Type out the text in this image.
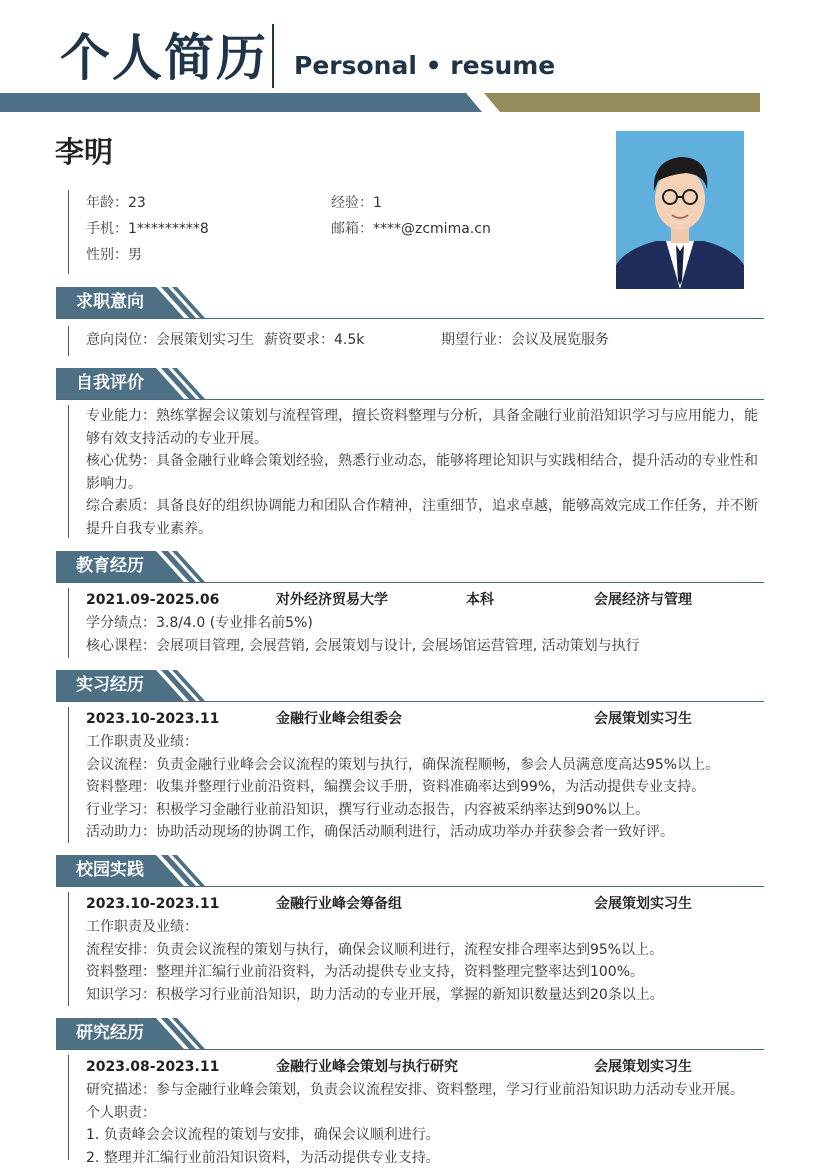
个人简历 Personal • resume
李明
年龄：23	经验：1
手机：1*********8	邮箱：****@zcmima.cn
性别：男
求职意向
意向岗位：会展策划实习生 薪资要求：4.5k	期望行业：会议及展览服务
自我评价
专业能力：熟练掌握会议策划与流程管理，擅长资料整理与分析，具备金融行业前沿知识学习与应用能力，能
够有效支持活动的专业开展。
核心优势：具备金融行业峰会策划经验，熟悉行业动态，能够将理论知识与实践相结合，提升活动的专业性和
影响力。
综合素质：具备良好的组织协调能力和团队合作精神，注重细节，追求卓越，能够高效完成工作任务，并不断
提升自我专业素养。
教育经历
2021.09-2025.06	对外经济贸易大学	本科	会展经济与管理
学分绩点：3.8/4.0 (专业排名前5%)
核心课程：会展项目管理, 会展营销, 会展策划与设计, 会展场馆运营管理, 活动策划与执行
实习经历
2023.10-2023.11	金融行业峰会组委会	会展策划实习生
工作职责及业绩：
会议流程：负责金融行业峰会会议流程的策划与执行，确保流程顺畅，参会人员满意度高达95%以上。
资料整理：收集并整理行业前沿资料，编撰会议手册，资料准确率达到99%，为活动提供专业支持。
行业学习：积极学习金融行业前沿知识，撰写行业动态报告，内容被采纳率达到90%以上。
活动助力：协助活动现场的协调工作，确保活动顺利进行，活动成功举办并获参会者一致好评。
校园实践
2023.10-2023.11	金融行业峰会筹备组	会展策划实习生
工作职责及业绩：
流程安排：负责会议流程的策划与执行，确保会议顺利进行，流程安排合理率达到95%以上。
资料整理：整理并汇编行业前沿资料，为活动提供专业支持，资料整理完整率达到100%。
知识学习：积极学习行业前沿知识，助力活动的专业开展，掌握的新知识数量达到20条以上。
研究经历
2023.08-2023.11	金融行业峰会策划与执行研究	会展策划实习生
研究描述：参与金融行业峰会策划，负责会议流程安排、资料整理，学习行业前沿知识助力活动专业开展。
个人职责：
1. 负责峰会会议流程的策划与安排，确保会议顺利进行。
2. 整理并汇编行业前沿知识资料，为活动提供专业支持。
